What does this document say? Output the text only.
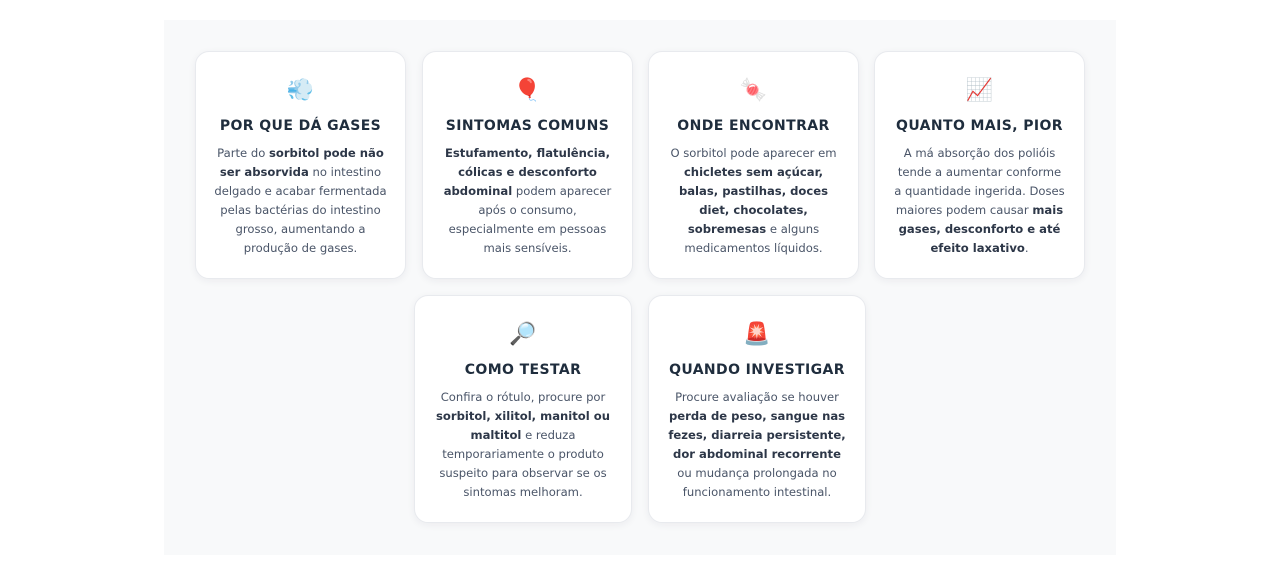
💨
POR QUE DÁ GASES

Parte do sorbitol pode não ser absorvida no intestino delgado e acabar fermentada pelas bactérias do intestino grosso, aumentando a produção de gases.

🎈
SINTOMAS COMUNS

Estufamento, flatulência, cólicas e desconforto abdominal podem aparecer após o consumo, especialmente em pessoas mais sensíveis.

🍬
ONDE ENCONTRAR

O sorbitol pode aparecer em chicletes sem açúcar, balas, pastilhas, doces diet, chocolates, sobremesas e alguns medicamentos líquidos.

📈
QUANTO MAIS, PIOR

A má absorção dos polióis tende a aumentar conforme a quantidade ingerida. Doses maiores podem causar mais gases, desconforto e até efeito laxativo.

🔎
COMO TESTAR

Confira o rótulo, procure por sorbitol, xilitol, manitol ou maltitol e reduza temporariamente o produto suspeito para observar se os sintomas melhoram.

🚨
QUANDO INVESTIGAR

Procure avaliação se houver perda de peso, sangue nas fezes, diarreia persistente, dor abdominal recorrente ou mudança prolongada no funcionamento intestinal.
